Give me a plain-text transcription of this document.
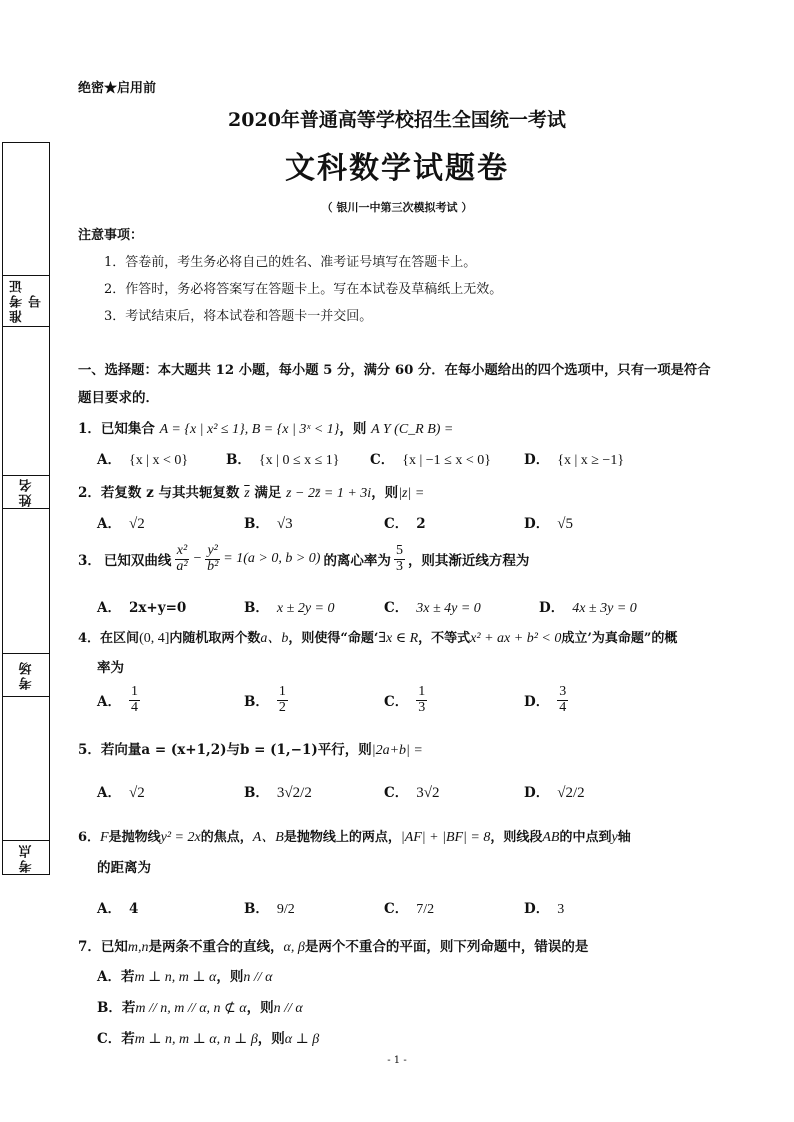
准考证号
姓名
考场
考点
绝密★启用前
2020年普通高等学校招生全国统一考试
文科数学试题卷
（ 银川一中第三次模拟考试 ）
注意事项：
1．答卷前，考生务必将自己的姓名、准考证号填写在答题卡上。
2．作答时，务必将答案写在答题卡上。写在本试卷及草稿纸上无效。
3．考试结束后，将本试卷和答题卡一并交回。
一、选择题：本大题共 12 小题，每小题 5 分，满分 60 分．在每小题给出的四个选项中，只有一项是符合
题目要求的．
1．已知集合 A = {x | x² ≤ 1}, B = {x | 3ˣ < 1}，则 A Y (C_R B) =
A． {x | x < 0}	B． {x | 0 ≤ x ≤ 1} C． {x | −1 ≤ x < 0} D． {x | x ≥ −1}
2．若复数 z 与其共轭复数 $\overline{z}$ 满足 z − 2z̄ = 1 + 3i，则|z| =
A． √2	B． √3	C． 2	D． √5
3． 已知双曲线 $\frac{\text{x²}}{\text{a²}} - \frac{\text{y²}}{\text{b²}} = 1(a > 0$, b > 0) 的离心率为 $\frac{5}{3}$ ，则其渐近线方程为
A． 2x+y=0	B． x ± 2y = 0	C． 3x ± 4y = 0	D． 4x ± 3y = 0
4．在区间(0, 4]内随机取两个数a、b，则使得“命题‘∃x ∈ R，不等式x² + ax + b² < 0成立’为真命题”的概
率为
A． $\frac{1}{4}$	B． $\frac{1}{2}$	C． $\frac{1}{3}$	D． $\frac{3}{4}$
5．若向量a = (x+1,2)与b = (1,−1)平行，则|2a+b| =
A． √2	B． 3√2/2	C． 3√2	D． √2/2
6．F是抛物线y² = 2x的焦点，A、B是抛物线上的两点，|AF| + |BF| = 8，则线段AB的中点到y轴
的距离为
A． 4	B． 9/2	C． 7/2	D． 3
7．已知m,n是两条不重合的直线，α, β是两个不重合的平面，则下列命题中，错误的是
A．若m ⊥ n, m ⊥ α，则n // α
B．若m // n, m // α, n ⊄ α，则n // α
C．若m ⊥ n, m ⊥ α, n ⊥ β，则α ⊥ β
- 1 -
